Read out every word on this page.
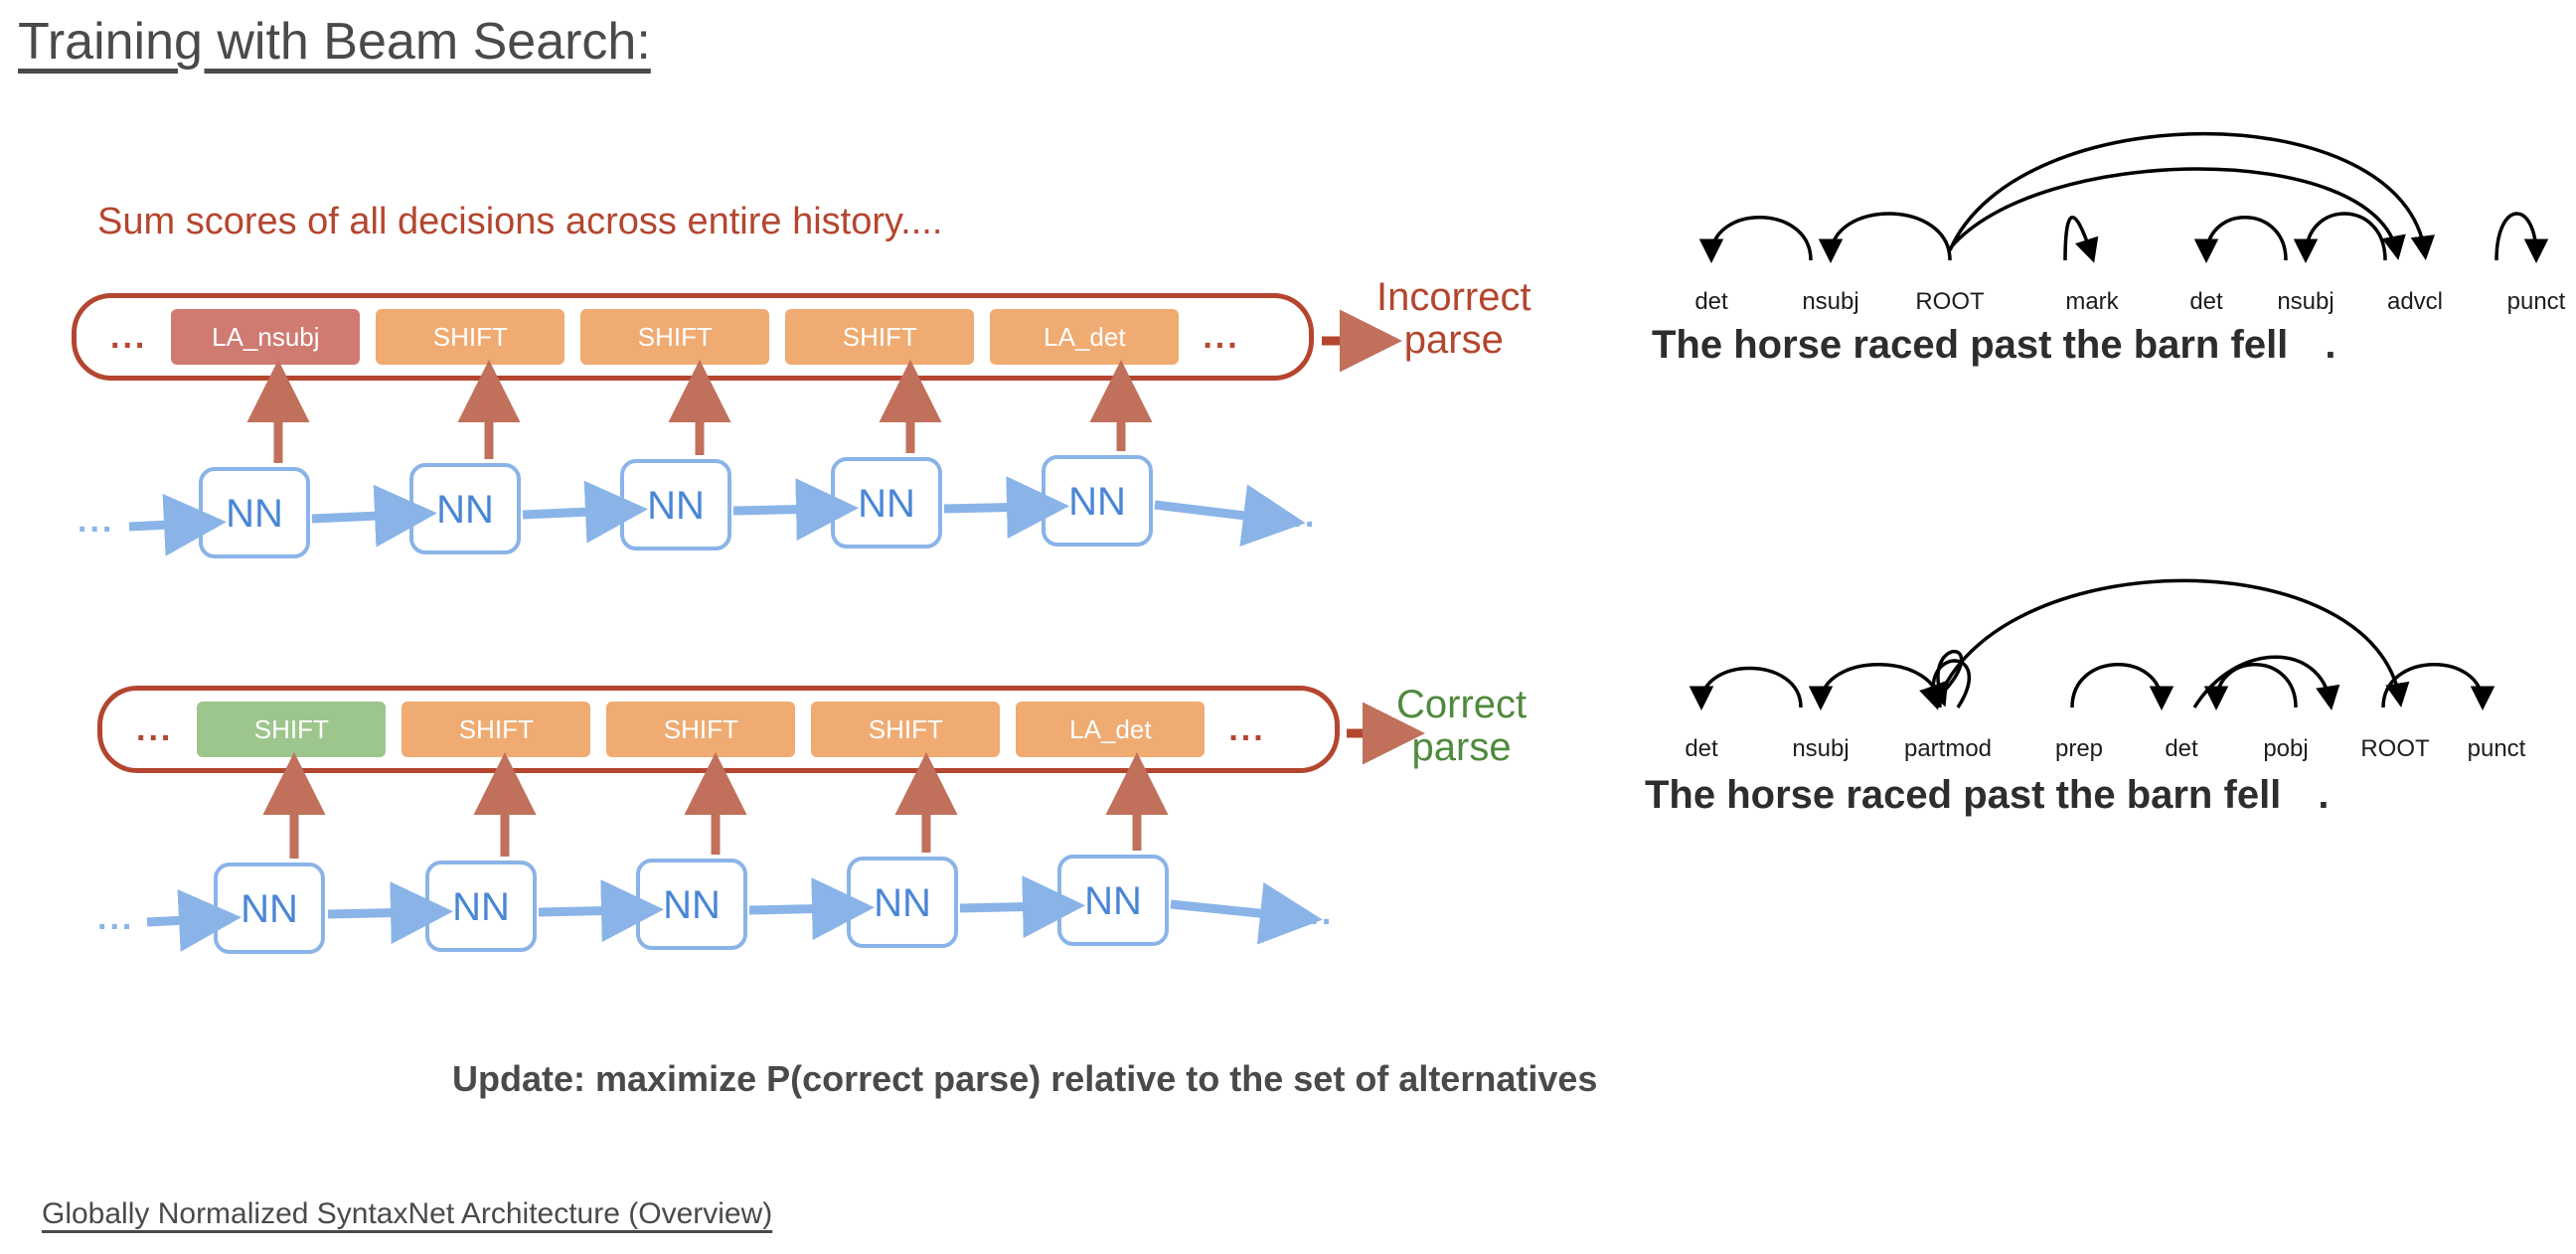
Training with Beam Search:
Sum scores of all decisions across entire history....
Update: maximize P(correct parse) relative to the set of alternatives
Globally Normalized SyntaxNet Architecture (Overview)
...	LA_nsubj	SHIFT	SHIFT	SHIFT	LA_det	...
Incorrect
parse
...	NN	NN	NN	NN	NN	...
...	SHIFT	SHIFT	SHIFT	SHIFT	LA_det	...
Correct
parse
...	NN	NN	NN	NN	NN	...
det	nsubj ROOT	mark	det nsubj advcl	punct
The horse raced past the barn fell .
det	nsubj partmod	prep	det	pobj ROOT punct
The horse raced past the barn fell .
